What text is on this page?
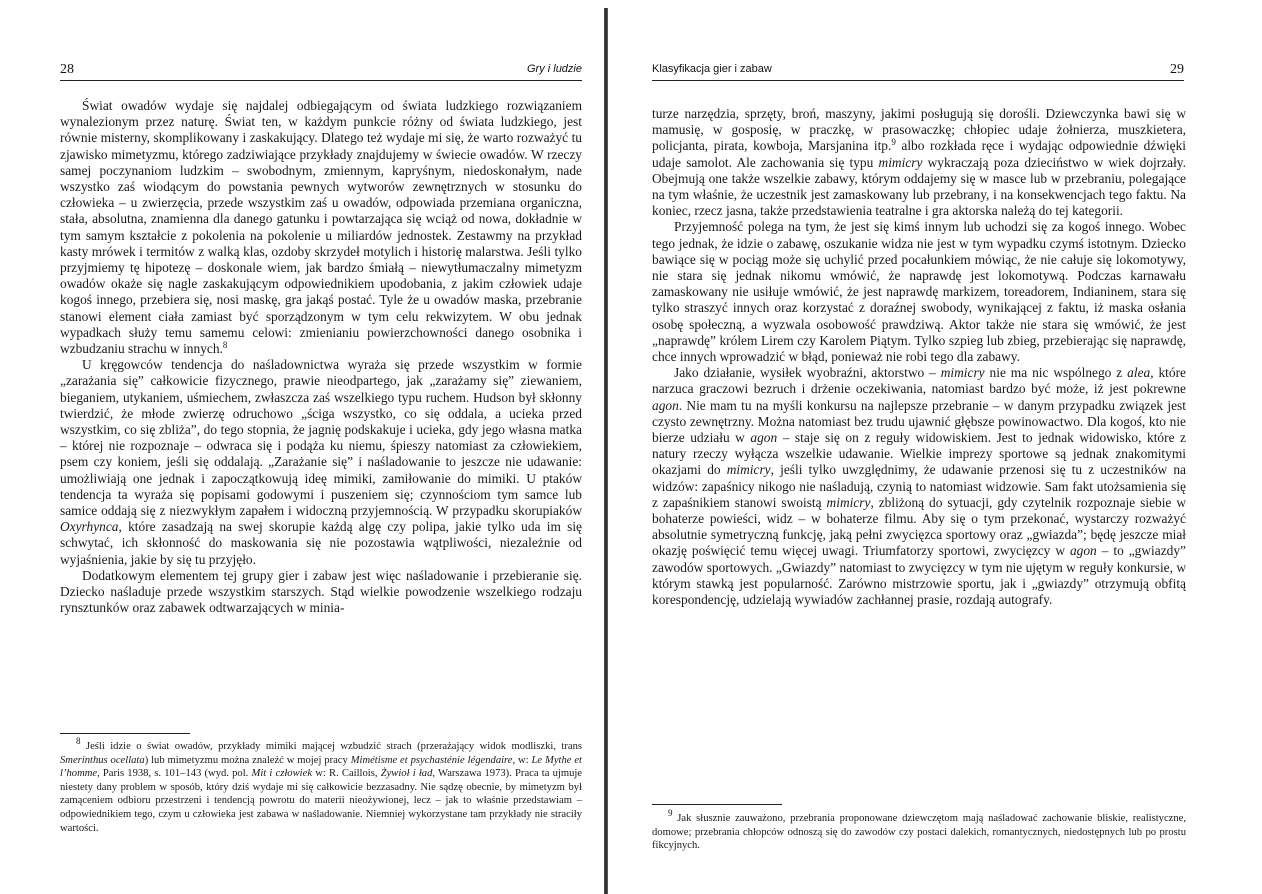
28	Gry i ludzie

Świat owadów wydaje się najdalej odbiegającym od świata ludzkiego rozwiązaniem wynalezionym przez naturę. Świat ten, w każdym punkcie różny od świata ludzkiego, jest równie misterny, skomplikowany i zaskakujący. Dlatego też wydaje mi się, że warto rozważyć tu zjawisko mimetyzmu, którego zadziwiające przykłady znajdujemy w świecie owadów. W rzeczy samej poczynaniom ludzkim – swobodnym, zmiennym, kapryśnym, niedoskonałym, nade wszystko zaś wiodącym do powstania pewnych wytworów zewnętrznych w stosunku do człowieka – u zwierzęcia, przede wszystkim zaś u owadów, odpowiada przemiana organiczna, stała, absolutna, znamienna dla danego gatunku i powtarzająca się wciąż od nowa, dokładnie w tym samym kształcie z pokolenia na pokolenie u miliardów jednostek. Zestawmy na przykład kasty mrówek i termitów z walką klas, ozdoby skrzydeł motylich i historię malarstwa. Jeśli tylko przyjmiemy tę hipotezę – doskonale wiem, jak bardzo śmiałą – niewytłumaczalny mimetyzm owadów okaże się nagle zaskakującym odpowiednikiem upodobania, z jakim człowiek udaje kogoś innego, przebiera się, nosi maskę, gra jakąś postać. Tyle że u owadów maska, przebranie stanowi element ciała zamiast być sporządzonym w tym celu rekwizytem. W obu jednak wypadkach służy temu samemu celowi: zmienianiu powierzchowności danego osobnika i wzbudzaniu strachu w innych.$^8$

U kręgowców tendencja do naśladownictwa wyraża się przede wszystkim w formie „zarażania się” całkowicie fizycznego, prawie nieodpartego, jak „zarażamy się” ziewaniem, bieganiem, utykaniem, uśmiechem, zwłaszcza zaś wszelkiego typu ruchem. Hudson był skłonny twierdzić, że młode zwierzę odruchowo „ściga wszystko, co się oddala, a ucieka przed wszystkim, co się zbliża”, do tego stopnia, że jagnię podskakuje i ucieka, gdy jego własna matka – której nie rozpoznaje – odwraca się i podąża ku niemu, śpieszy natomiast za człowiekiem, psem czy koniem, jeśli się oddalają. „Zarażanie się” i naśladowanie to jeszcze nie udawanie: umożliwiają one jednak i zapoczątkowują ideę mimiki, zamiłowanie do mimiki. U ptaków tendencja ta wyraża się popisami godowymi i puszeniem się; czynnościom tym samce lub samice oddają się z niezwykłym zapałem i widoczną przyjemnością. W przypadku skorupiaków Oxyrhynca, które zasadzają na swej skorupie każdą algę czy polipa, jakie tylko uda im się schwytać, ich skłonność do maskowania się nie pozostawia wątpliwości, niezależnie od wyjaśnienia, jakie by się tu przyjęło.

Dodatkowym elementem tej grupy gier i zabaw jest więc naśladowanie i przebieranie się. Dziecko naśladuje przede wszystkim starszych. Stąd wielkie powodzenie wszelkiego rodzaju rynsztunków oraz zabawek odtwarzających w minia-

$^8$ Jeśli idzie o świat owadów, przykłady mimiki mającej wzbudzić strach (przerażający widok modliszki, trans Smerinthus ocellata) lub mimetyzmu można znaleźć w mojej pracy Mimétisme et psychasténie légendaire, w: Le Mythe et l’homme, Paris 1938, s. 101–143 (wyd. pol. Mit i człowiek w: R. Caillois, Żywioł i ład, Warszawa 1973). Praca ta ujmuje niestety dany problem w sposób, który dziś wydaje mi się całkowicie bezzasadny. Nie sądzę obecnie, by mimetyzm był zamąceniem odbioru przestrzeni i tendencją powrotu do materii nieożywionej, lecz – jak to właśnie przedstawiam – odpowiednikiem tego, czym u człowieka jest zabawa w naśladowanie. Niemniej wykorzystane tam przykłady nie straciły wartości.

Klasyfikacja gier i zabaw	29

turze narzędzia, sprzęty, broń, maszyny, jakimi posługują się dorośli. Dziewczynka bawi się w mamusię, w gosposię, w praczkę, w prasowaczkę; chłopiec udaje żołnierza, muszkietera, policjanta, pirata, kowboja, Marsjanina itp.$^9$ albo rozkłada ręce i wydając odpowiednie dźwięki udaje samolot. Ale zachowania się typu mimicry wykraczają poza dzieciństwo w wiek dojrzały. Obejmują one także wszelkie zabawy, którym oddajemy się w masce lub w przebraniu, polegające na tym właśnie, że uczestnik jest zamaskowany lub przebrany, i na konsekwencjach tego faktu. Na koniec, rzecz jasna, także przedstawienia teatralne i gra aktorska należą do tej kategorii.

Przyjemność polega na tym, że jest się kimś innym lub uchodzi się za kogoś innego. Wobec tego jednak, że idzie o zabawę, oszukanie widza nie jest w tym wypadku czymś istotnym. Dziecko bawiące się w pociąg może się uchylić przed pocałunkiem mówiąc, że nie całuje się lokomotywy, nie stara się jednak nikomu wmówić, że naprawdę jest lokomotywą. Podczas karnawału zamaskowany nie usiłuje wmówić, że jest naprawdę markizem, toreadorem, Indianinem, stara się tylko straszyć innych oraz korzystać z doraźnej swobody, wynikającej z faktu, iż maska osłania osobę społeczną, a wyzwala osobowość prawdziwą. Aktor także nie stara się wmówić, że jest „naprawdę” królem Lirem czy Karolem Piątym. Tylko szpieg lub zbieg, przebierając się naprawdę, chce innych wprowadzić w błąd, ponieważ nie robi tego dla zabawy.

Jako działanie, wysiłek wyobraźni, aktorstwo – mimicry nie ma nic wspólnego z alea, które narzuca graczowi bezruch i drżenie oczekiwania, natomiast bardzo być może, iż jest pokrewne agon. Nie mam tu na myśli konkursu na najlepsze przebranie – w danym przypadku związek jest czysto zewnętrzny. Można natomiast bez trudu ujawnić głębsze powinowactwo. Dla kogoś, kto nie bierze udziału w agon – staje się on z reguły widowiskiem. Jest to jednak widowisko, które z natury rzeczy wyłącza wszelkie udawanie. Wielkie imprezy sportowe są jednak znakomitymi okazjami do mimicry, jeśli tylko uwzględnimy, że udawanie przenosi się tu z uczestników na widzów: zapaśnicy nikogo nie naśladują, czynią to natomiast widzowie. Sam fakt utożsamienia się z zapaśnikiem stanowi swoistą mimicry, zbliżoną do sytuacji, gdy czytelnik rozpoznaje siebie w bohaterze powieści, widz – w bohaterze filmu. Aby się o tym przekonać, wystarczy rozważyć absolutnie symetryczną funkcję, jaką pełni zwycięzca sportowy oraz „gwiazda”; będę jeszcze miał okazję poświęcić temu więcej uwagi. Triumfatorzy sportowi, zwycięzcy w agon – to „gwiazdy” zawodów sportowych. „Gwiazdy” natomiast to zwycięzcy w tym nie ujętym w reguły konkursie, w którym stawką jest popularność. Zarówno mistrzowie sportu, jak i „gwiazdy” otrzymują obfitą korespondencję, udzielają wywiadów zachłannej prasie, rozdają autografy.

$^9$ Jak słusznie zauważono, przebrania proponowane dziewczętom mają naśladować zachowanie bliskie, realistyczne, domowe; przebrania chłopców odnoszą się do zawodów czy postaci dalekich, romantycznych, niedostępnych lub po prostu fikcyjnych.
